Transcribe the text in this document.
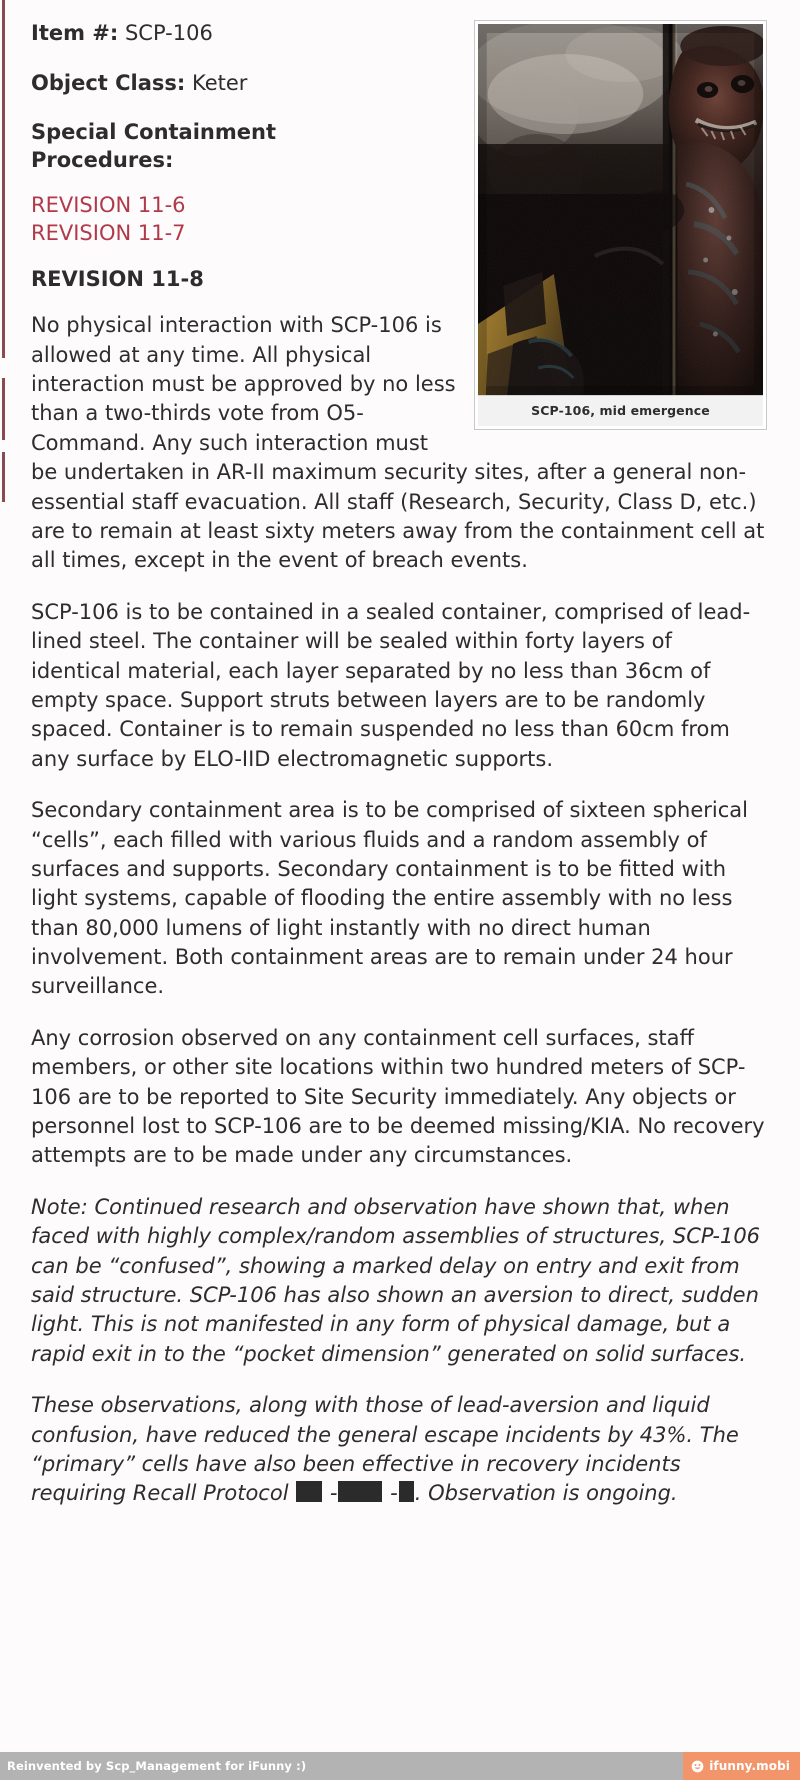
SCP-106, mid emergence
Item #: SCP-106
Object Class: Keter
Special Containment Procedures:
REVISION 11-6
REVISION 11-7
REVISION 11-8

No physical interaction with SCP-106 is allowed at any time. All physical interaction must be approved by no less than a two-thirds vote from O5-Command. Any such interaction must be undertaken in AR-II maximum security sites, after a general non-essential staff evacuation. All staff (Research, Security, Class D, etc.) are to remain at least sixty meters away from the containment cell at all times, except in the event of breach events.

SCP-106 is to be contained in a sealed container, comprised of lead-lined steel. The container will be sealed within forty layers of identical material, each layer separated by no less than 36cm of empty space. Support struts between layers are to be randomly spaced. Container is to remain suspended no less than 60cm from any surface by ELO-IID electromagnetic supports.

Secondary containment area is to be comprised of sixteen spherical “cells”, each filled with various fluids and a random assembly of surfaces and supports. Secondary containment is to be fitted with light systems, capable of flooding the entire assembly with no less than 80,000 lumens of light instantly with no direct human involvement. Both containment areas are to remain under 24 hour surveillance.

Any corrosion observed on any containment cell surfaces, staff members, or other site locations within two hundred meters of SCP-106 are to be reported to Site Security immediately. Any objects or personnel lost to SCP-106 are to be deemed missing/KIA. No recovery attempts are to be made under any circumstances.

Note: Continued research and observation have shown that, when faced with highly complex/random assemblies of structures, SCP-106 can be “confused”, showing a marked delay on entry and exit from said structure. SCP-106 has also shown an aversion to direct, sudden light. This is not manifested in any form of physical damage, but a rapid exit in to the “pocket dimension” generated on solid surfaces.

These observations, along with those of lead-aversion and liquid confusion, have reduced the general escape incidents by 43%. The “primary” cells have also been effective in recovery incidents requiring Recall Protocol  - - . Observation is ongoing.

Reinvented by Scp_Management for iFunny :)	ifunny.mobi
